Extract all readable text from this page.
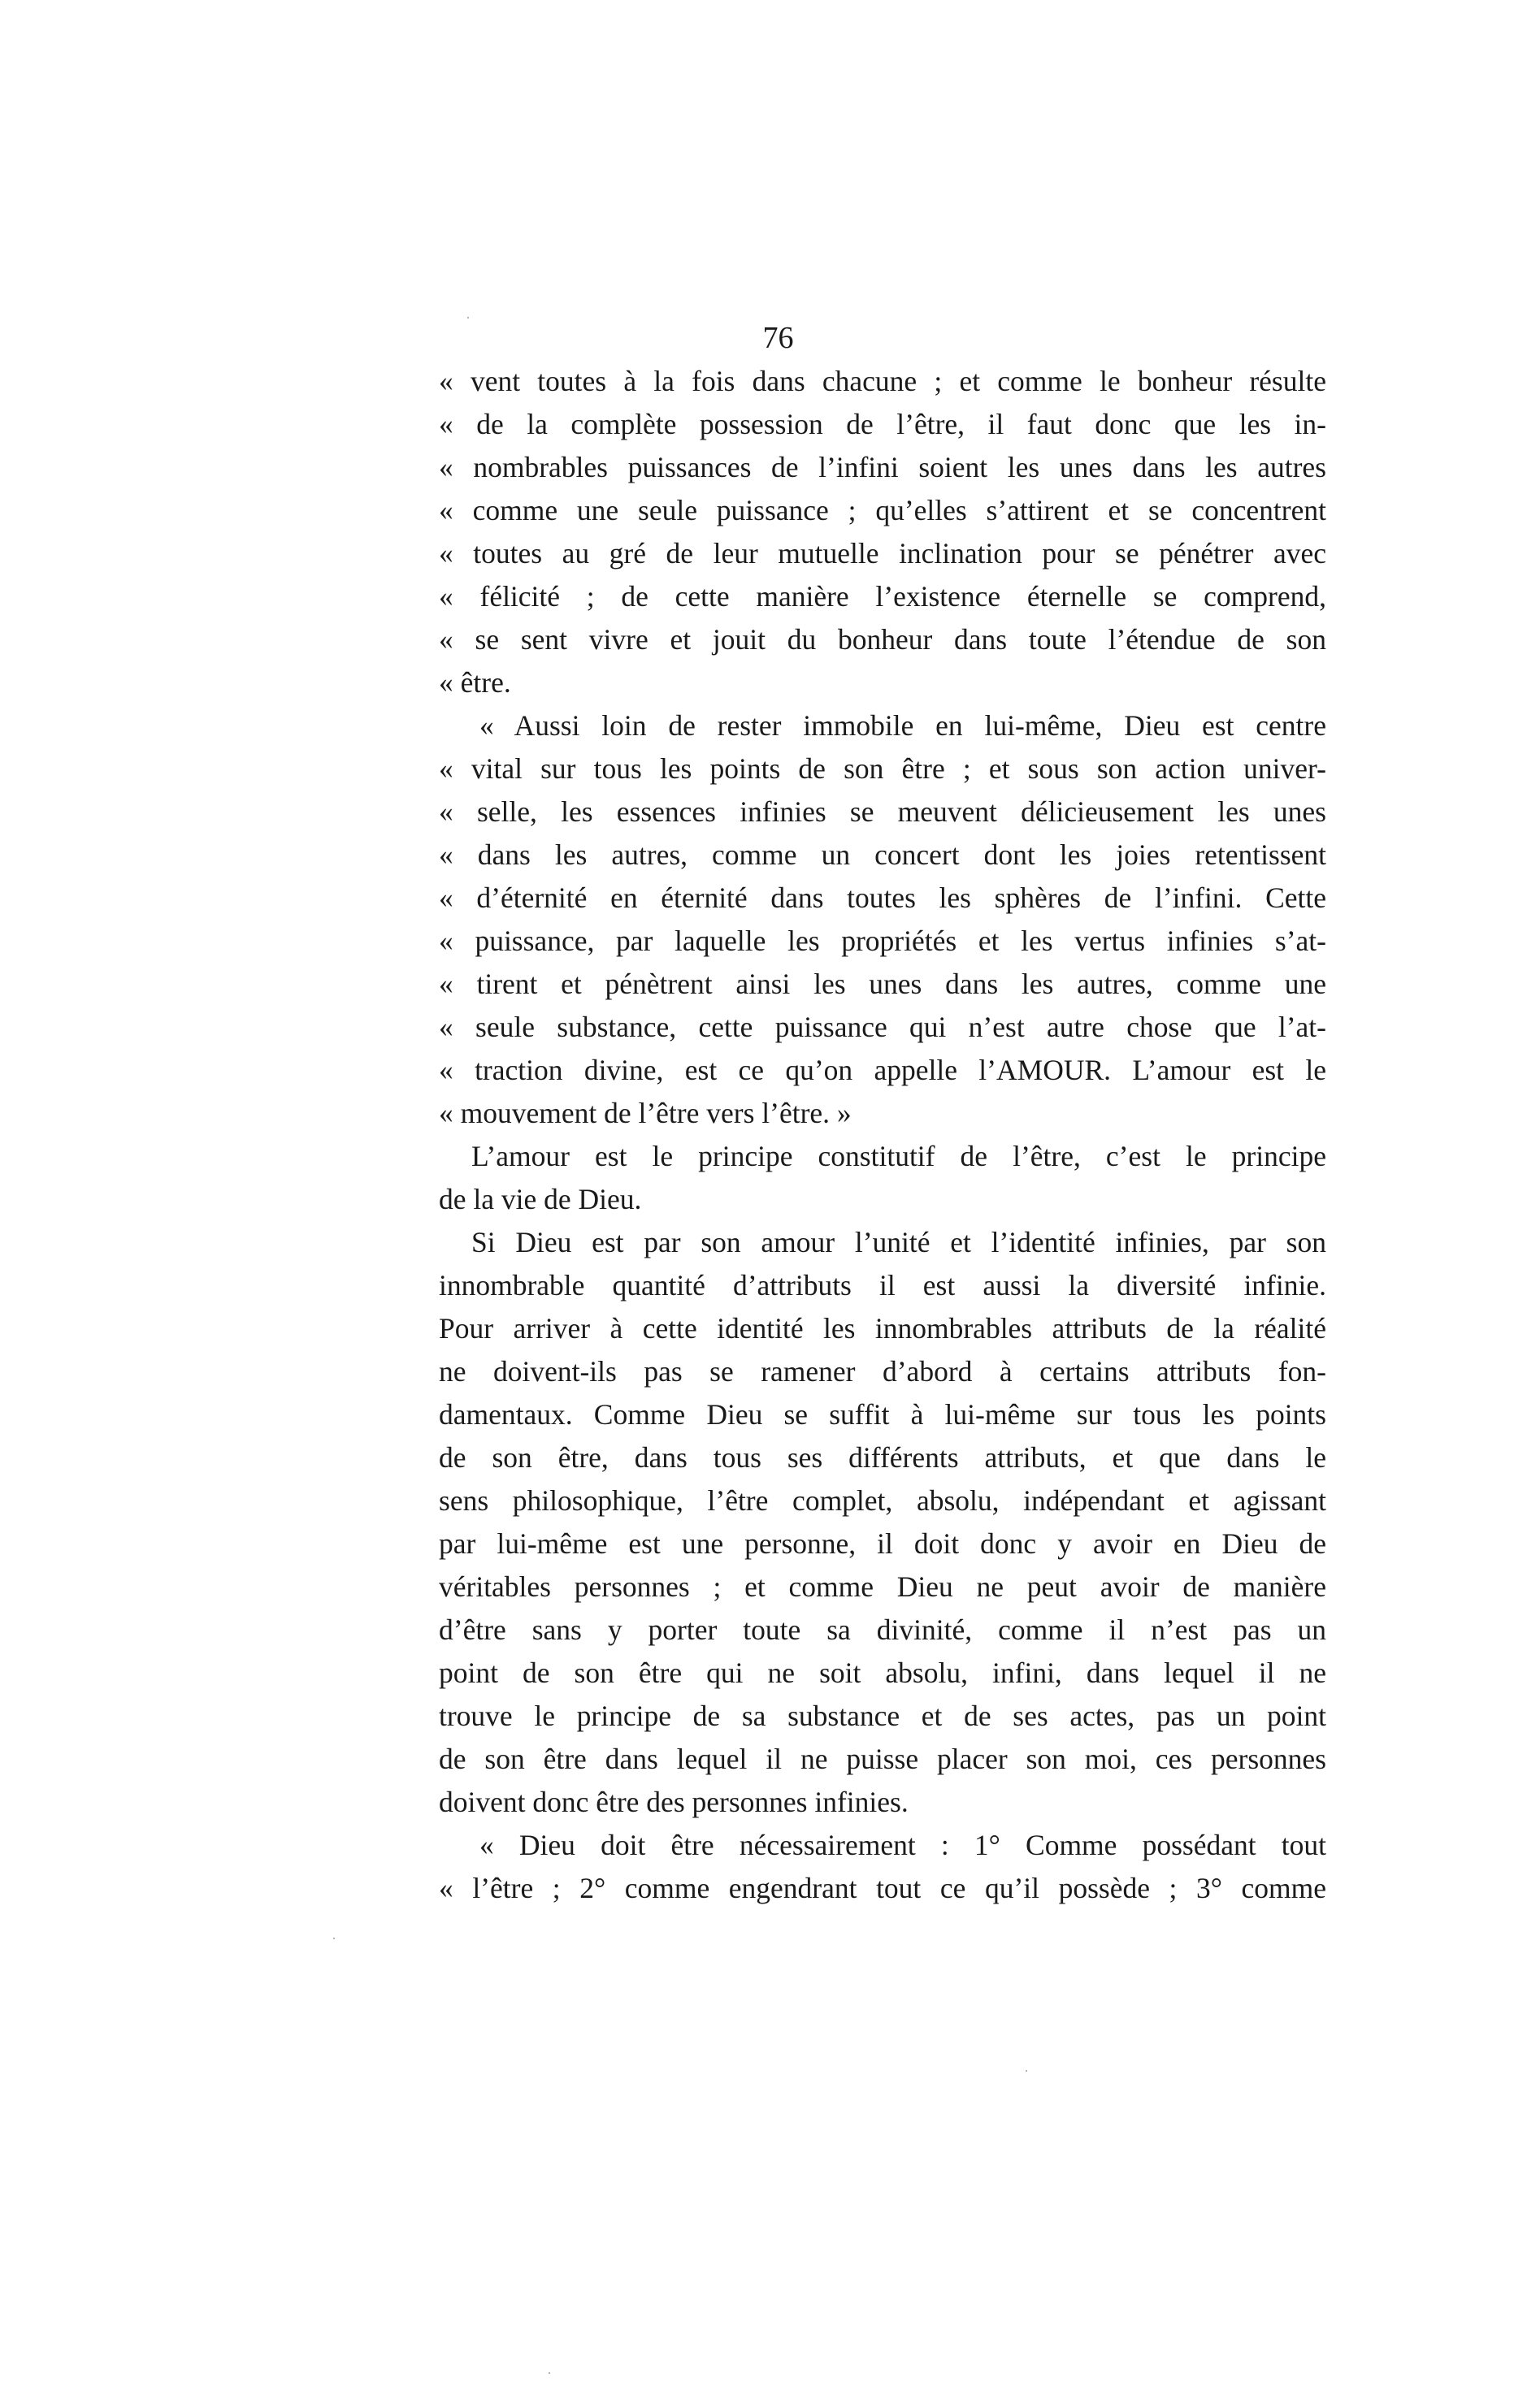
76
« vent toutes à la fois dans chacune ; et comme le bonheur résulte
« de la complète possession de l’être, il faut donc que les in-
« nombrables puissances de l’infini soient les unes dans les autres
« comme une seule puissance ; qu’elles s’attirent et se concentrent
« toutes au gré de leur mutuelle inclination pour se pénétrer avec
« félicité ; de cette manière l’existence éternelle se comprend,
« se sent vivre et jouit du bonheur dans toute l’étendue de son
« être.
« Aussi loin de rester immobile en lui-même, Dieu est centre
« vital sur tous les points de son être ; et sous son action univer-
« selle, les essences infinies se meuvent délicieusement les unes
« dans les autres, comme un concert dont les joies retentissent
« d’éternité en éternité dans toutes les sphères de l’infini. Cette
« puissance, par laquelle les propriétés et les vertus infinies s’at-
« tirent et pénètrent ainsi les unes dans les autres, comme une
« seule substance, cette puissance qui n’est autre chose que l’at-
« traction divine, est ce qu’on appelle l’AMOUR. L’amour est le
« mouvement de l’être vers l’être. »
L’amour est le principe constitutif de l’être, c’est le principe
de la vie de Dieu.
Si Dieu est par son amour l’unité et l’identité infinies, par son
innombrable quantité d’attributs il est aussi la diversité infinie.
Pour arriver à cette identité les innombrables attributs de la réalité
ne doivent-ils pas se ramener d’abord à certains attributs fon-
damentaux. Comme Dieu se suffit à lui-même sur tous les points
de son être, dans tous ses différents attributs, et que dans le
sens philosophique, l’être complet, absolu, indépendant et agissant
par lui-même est une personne, il doit donc y avoir en Dieu de
véritables personnes ; et comme Dieu ne peut avoir de manière
d’être sans y porter toute sa divinité, comme il n’est pas un
point de son être qui ne soit absolu, infini, dans lequel il ne
trouve le principe de sa substance et de ses actes, pas un point
de son être dans lequel il ne puisse placer son moi, ces personnes
doivent donc être des personnes infinies.
« Dieu doit être nécessairement : 1° Comme possédant tout
« l’être ; 2° comme engendrant tout ce qu’il possède ; 3° comme
